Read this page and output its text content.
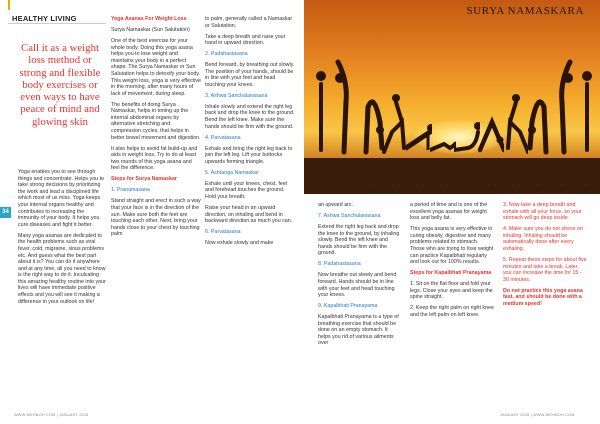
HEALTHY LIVING
Call it as a weight loss method or strong and flexible body exercises or even ways to have peace of mind and glowing skin
34

Yoga enables you to see through things and concentrate. Helps you to take strong decisions by prioritizing the work and lead a disciplined life which most of us miss. Yoga keeps your internal organs healthy and contributes to increasing the immunity of your body. It helps you cure diseases and fight it better.

Many yoga asanas are dedicated to the health problems such as viral fever, cold, migraine, sinus problems etc. And guess what the best part about it is? You can do it anywhere and at any time, all you need to know is the right way to do it. Inculcating this amazing healthy routine into your lives will have immediate positive effects and you will see it making a difference in your outlook on life!

Yoga Asanas For Weight Loss

Surya Namaskar (Sun Salutation)

One of the best exercise for your whole body. Doing this yoga asana helps you to lose weight and maintains your body in a perfect shape. The Surya Namaskar or Sun Salutation helps to detoxify your body. This weight loss, yoga is very effective in the morning, after many hours of lack of movement, during sleep.

The benefits of doing Surya Namaskar, helps in toning up the internal abdominal organs by alternative stretching and compression cycles, that helps in better bowel movement and digestion.

It also helps to avoid fat build-up and aids in weight loss. Try to do at least two rounds of this yoga asana and feel the difference.

Steps for Surya Namaskar

1. Pranamasana

Stand straight and erect in such a way that your face is in the direction of the sun. Make sure both the feet are touching each other. Next, bring your hands close to your chest by touching palm

to palm, generally called a Namaskar or Salutation.

Take a deep breath and raise your hand in upward direction.

2. Padahastasana

Bend forward, by breathing out slowly. The position of your hands, should be in line with your feet and head touching your knees.

3. Ashwa Sanchalanasana

Inhale slowly and extend the right leg back and drop the knee to the ground. Bend the left knee. Make sure the hands should be firm with the ground.

4. Parvatasana

Exhale and bring the right leg back to join the left leg. Lift your buttocks upwards forming triangle.

5. Ashtanga Namaskar

Exhale until your knees, chest, feet and forehead touches the ground. Hold your breath.

Raise your head in an upward direction, on inhaling and bend in backward direction as much you can.

6. Parvatasana

Now exhale slowly and make

WWW.WEHBOH.COM | JANUARY 2018
SURYA NAMASKARA
1	2	3	4	5	6	7	8	9	10	11	12

an upward arc.

7. Ashwa Sanchalanasana

Extend the right leg back and drop the knee to the ground, by inhaling slowly. Bend the left knee and hands should be firm with the ground.

8. Padahastasana

Now breathe out slowly and bend forward. Hands should be in line with your feet and head touching your knees.

9. Kapalbhati Pranayama

Kapalbhati Pranayama is a type of breathing exercise that should be done on an empty stomach. It helps you rid of various ailments over

a period of time and is one of the excellent yoga asanas for weight loss and belly fat.

This yoga asana is very effective in curing obesity, digestive and many problems related to stomach. Those who are trying to lose weight can practice Kapalbhati regularly and look out for 100% results.

Steps for Kapalbhati Pranayama

1. Sit on the flat floor and fold your legs. Close your eyes and keep the spine straight.

2. Keep the right palm on right knee and the left palm on left knee.

3. Now take a deep breath and exhale with all your force, so your stomach will go deep inside.

4. Make sure you do not stress on inhaling. Inhaling should be automatically done after every exhaling.

5. Repeat these steps for about five minutes and take a break. Later, you can increase the time for 15 - 30 minutes.

Do not practice this yoga asana fast, and should be done with a medium speed!

JANUARY 2018 | WWW.WEHBOH.COM
